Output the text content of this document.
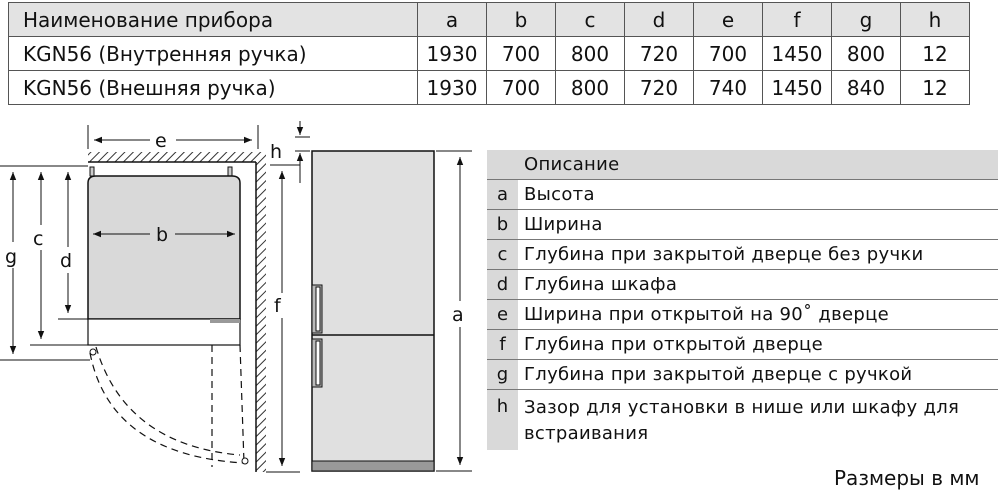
Наименование прибора	a	b	c	d	e	f	g	h
KGN56 (Внутренняя ручка)	1930	700	800	720	700	1450	800	12
KGN56 (Внешняя ручка)	1930	700	800	720	740	1450	840	12
e
b
g
c
d
f
h
a
Описание
a Высота
b Ширина
c Глубина при закрытой дверце без ручки
d Глубина шкафа
e Ширина при открытой на 90˚ дверце
f	Глубина при открытой дверце
g Глубина при закрытой дверце с ручкой
h Зазор для установки в нише или шкафу для встраивания
Размеры в мм
